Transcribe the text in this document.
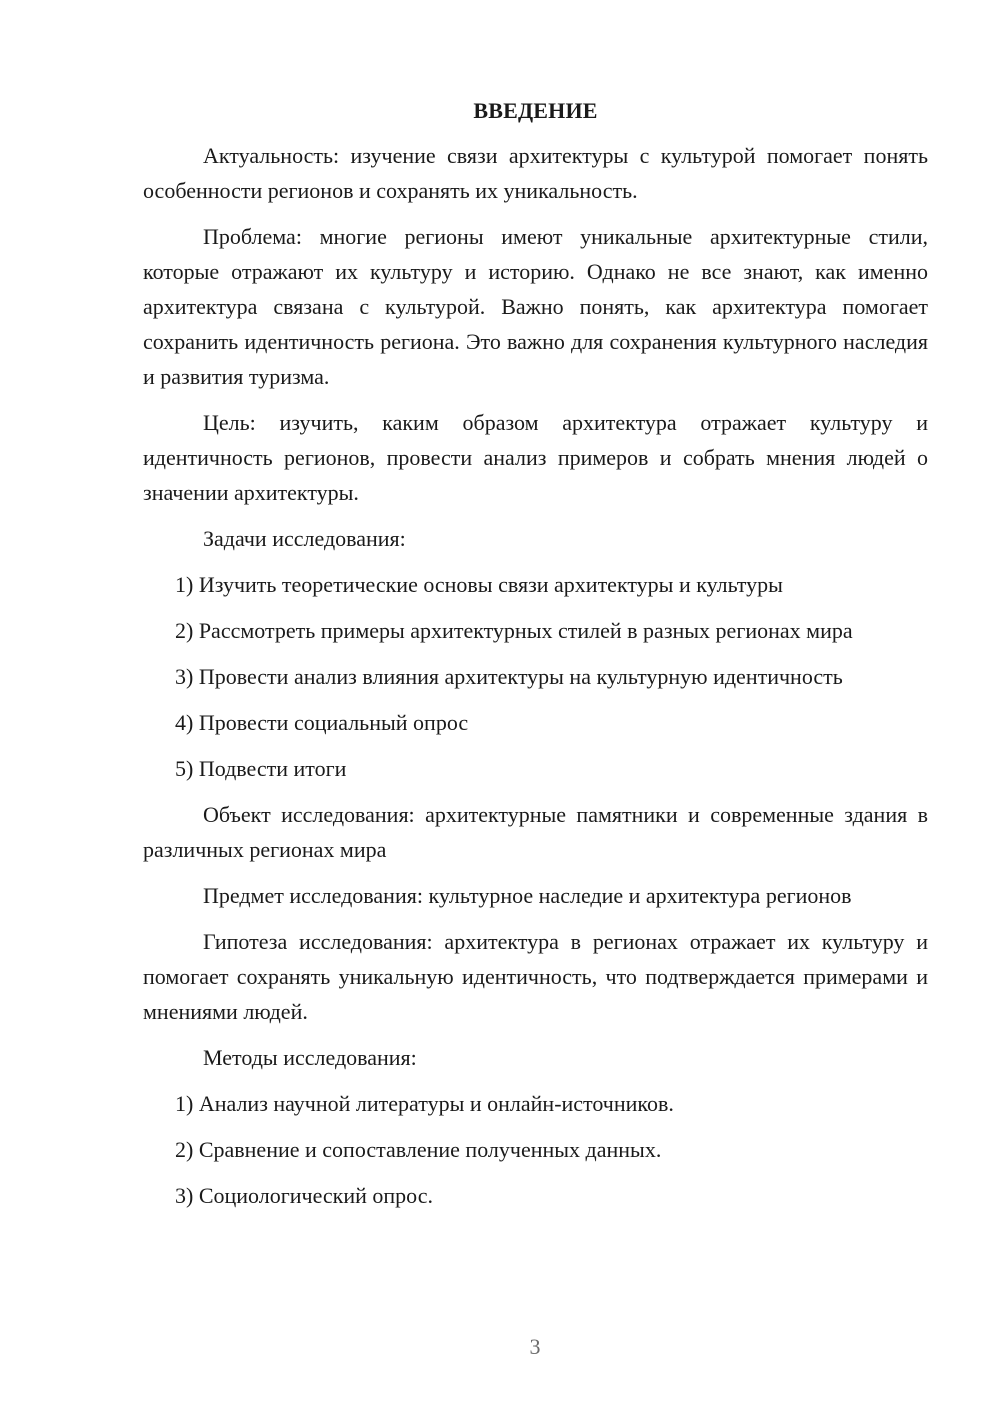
ВВЕДЕНИЕ

Актуальность: изучение связи архитектуры с культурой помогает понять особенности регионов и сохранять их уникальность.

Проблема: многие регионы имеют уникальные архитектурные стили, которые отражают их культуру и историю. Однако не все знают, как именно архитектура связана с культурой. Важно понять, как архитектура помогает сохранить идентичность региона. Это важно для сохранения культурного наследия и развития туризма.

Цель: изучить, каким образом архитектура отражает культуру и идентичность регионов, провести анализ примеров и собрать мнения людей о значении архитектуры.

Задачи исследования:

1) Изучить теоретические основы связи архитектуры и культуры

2) Рассмотреть примеры архитектурных стилей в разных регионах мира

3) Провести анализ влияния архитектуры на культурную идентичность

4) Провести социальный опрос

5) Подвести итоги

Объект исследования: архитектурные памятники и современные здания в различных регионах мира

Предмет исследования: культурное наследие и архитектура регионов

Гипотеза исследования: архитектура в регионах отражает их культуру и помогает сохранять уникальную идентичность, что подтверждается примерами и мнениями людей.

Методы исследования:

1) Анализ научной литературы и онлайн-источников.

2) Сравнение и сопоставление полученных данных.

3) Социологический опрос.

3
